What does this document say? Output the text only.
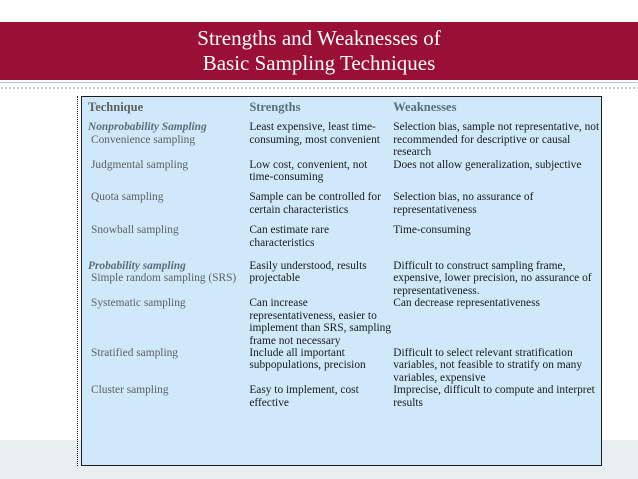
Strengths and Weaknesses of
Basic Sampling Techniques
Technique	Strengths	Weaknesses

Nonprobability Sampling
Convenience sampling	Least expensive, least time-consuming, most convenient	Selection bias, sample not representative, not recommended for descriptive or causal research
Judgmental sampling	Low cost, convenient, not time-consuming	Does not allow generalization, subjective
Quota sampling	Sample can be controlled for certain characteristics	Selection bias, no assurance of representativeness
Snowball sampling	Can estimate rare characteristics	Time-consuming

Probability sampling
Simple random sampling (SRS)	Easily understood, results projectable	Difficult to construct sampling frame, expensive, lower precision, no assurance of representativeness.
Systematic sampling	Can increase representativeness, easier to implement than SRS, sampling frame not necessary	Can decrease representativeness
Stratified sampling	Include all important subpopulations, precision	Difficult to select relevant stratification variables, not feasible to stratify on many variables, expensive
Cluster sampling	Easy to implement, cost effective	Imprecise, difficult to compute and interpret results
